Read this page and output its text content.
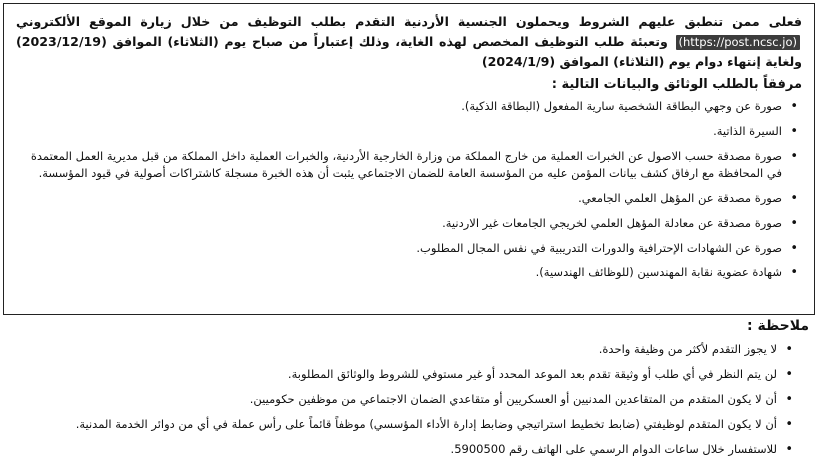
فعلى ممن تنطبق عليهم الشروط ويحملون الجنسية الأردنية التقدم بطلب التوظيف من خلال زيارة الموقع الألكتروني (https://post.ncsc.jo) وتعبئة طلب التوظيف المخصص لهذه الغاية، وذلك إعتباراً من صباح يوم (الثلاثاء) الموافق (2023/12/19) ولغاية إنتهاء دوام يوم (الثلاثاء) الموافق (2024/1/9)
مرفقاً بالطلب الوثائق والبيانات التالية :
• صورة عن وجهي البطاقة الشخصية سارية المفعول (البطاقة الذكية).
• السيرة الذاتية.
• صورة مصدقة حسب الاصول عن الخبرات العملية من خارج المملكة من وزارة الخارجية الأردنية، والخبرات العملية داخل المملكة من قبل مديرية العمل المعتمدة في المحافظة مع ارفاق كشف بيانات المؤمن عليه من المؤسسة العامة للضمان الاجتماعي يثبت أن هذه الخبرة مسجلة كاشتراكات أصولية في قيود المؤسسة.
• صورة مصدقة عن المؤهل العلمي الجامعي.
• صورة مصدقة عن معادلة المؤهل العلمي لخريجي الجامعات غير الاردنية.
• صورة عن الشهادات الإحترافية والدورات التدريبية في نفس المجال المطلوب.
• شهادة عضوية نقابة المهندسين (للوظائف الهندسية).
ملاحظة :
• لا يجوز التقدم لأكثر من وظيفة واحدة.
• لن يتم النظر في أي طلب أو وثيقة تقدم بعد الموعد المحدد أو غير مستوفي للشروط والوثائق المطلوبة.
• أن لا يكون المتقدم من المتقاعدين المدنيين أو العسكريين أو متقاعدي الضمان الاجتماعي من موظفين حكوميين.
• أن لا يكون المتقدم لوظيفتي (ضابط تخطيط استراتيجي وضابط إدارة الأداء المؤسسي) موظفاً قائماً على رأس عملة في أي من دوائر الخدمة المدنية.
• للاستفسار خلال ساعات الدوام الرسمي على الهاتف رقم 5900500.
